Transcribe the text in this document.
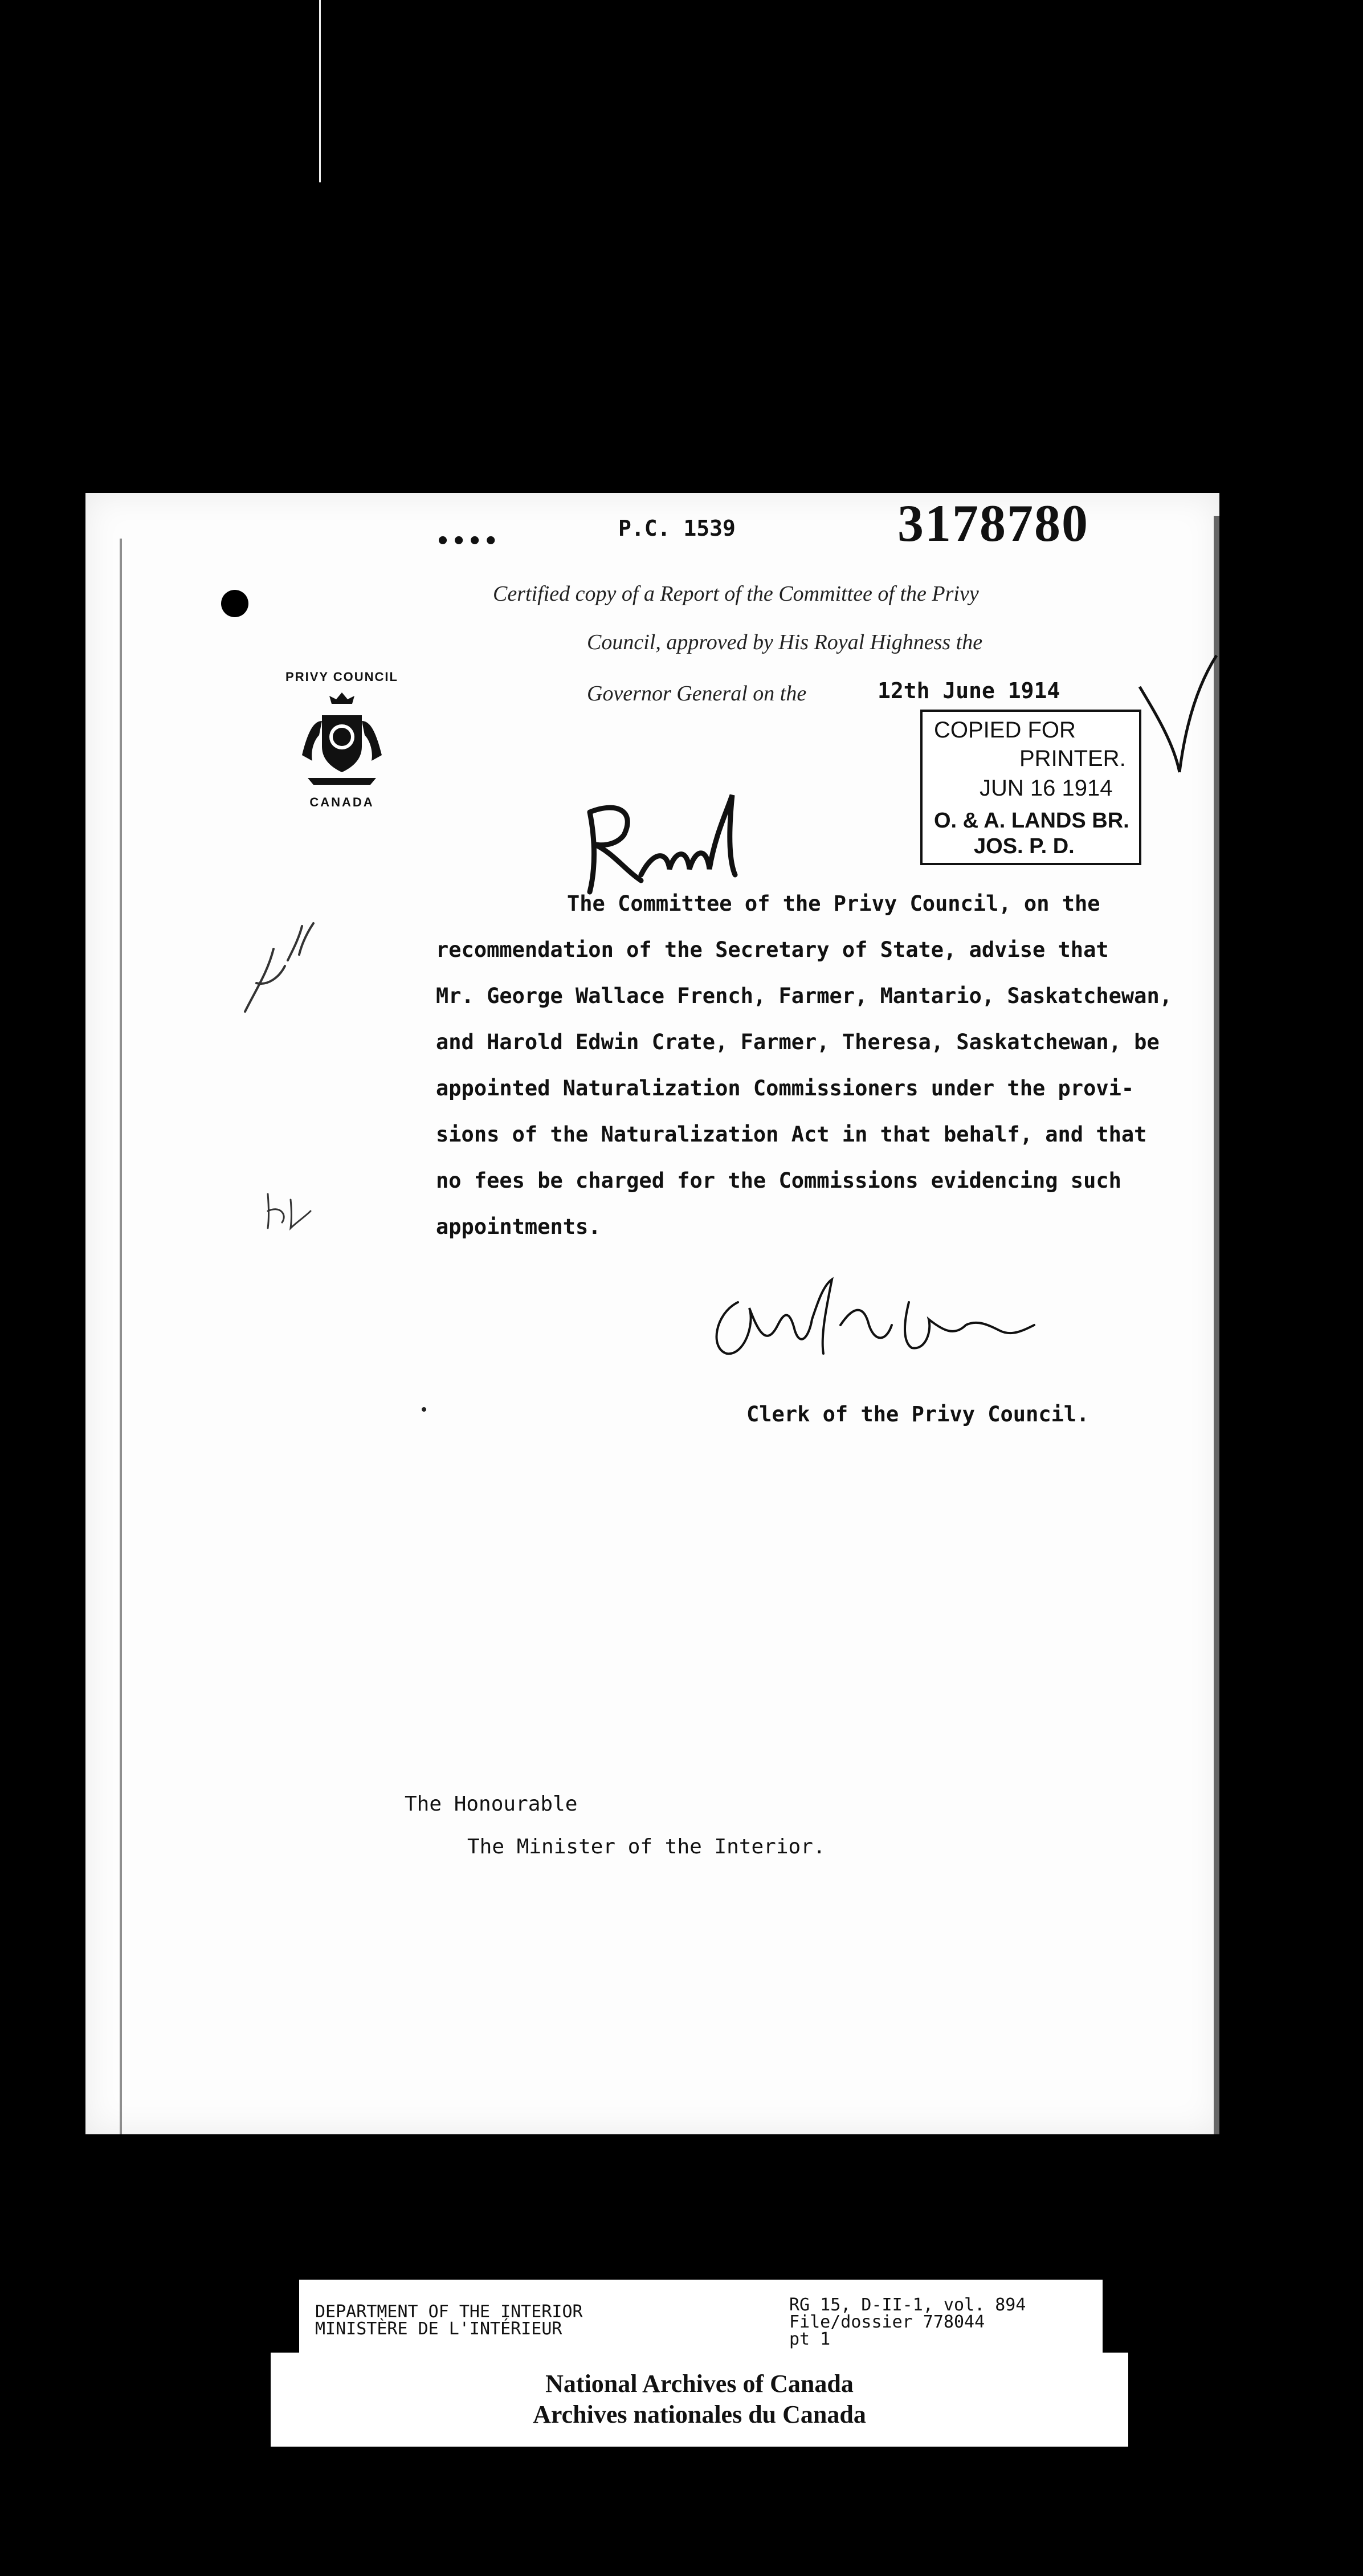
••••	P.C. 1539	3178780
Certified copy of a Report of the Committee of the Privy
Council, approved by His Royal Highness the
Governor General on the	12th June 1914
PRIVY COUNCIL
CANADA
COPIED FOR
PRINTER.
JUN 16 1914
O. & A. LANDS BR.
JOS. P. D.
The Committee of the Privy Council, on the
recommendation of the Secretary of State, advise that
Mr. George Wallace French, Farmer, Mantario, Saskatchewan,
and Harold Edwin Crate, Farmer, Theresa, Saskatchewan, be
appointed Naturalization Commissioners under the provi-
sions of the Naturalization Act in that behalf, and that
no fees be charged for the Commissions evidencing such
appointments.
Clerk of the Privy Council.
The Honourable
The Minister of the Interior.
DEPARTMENT OF THE INTERIOR
MINISTÈRE DE L'INTÉRIEUR
RG 15, D-II-1, vol. 894
File/dossier 778044
pt 1
National Archives of Canada
Archives nationales du Canada
